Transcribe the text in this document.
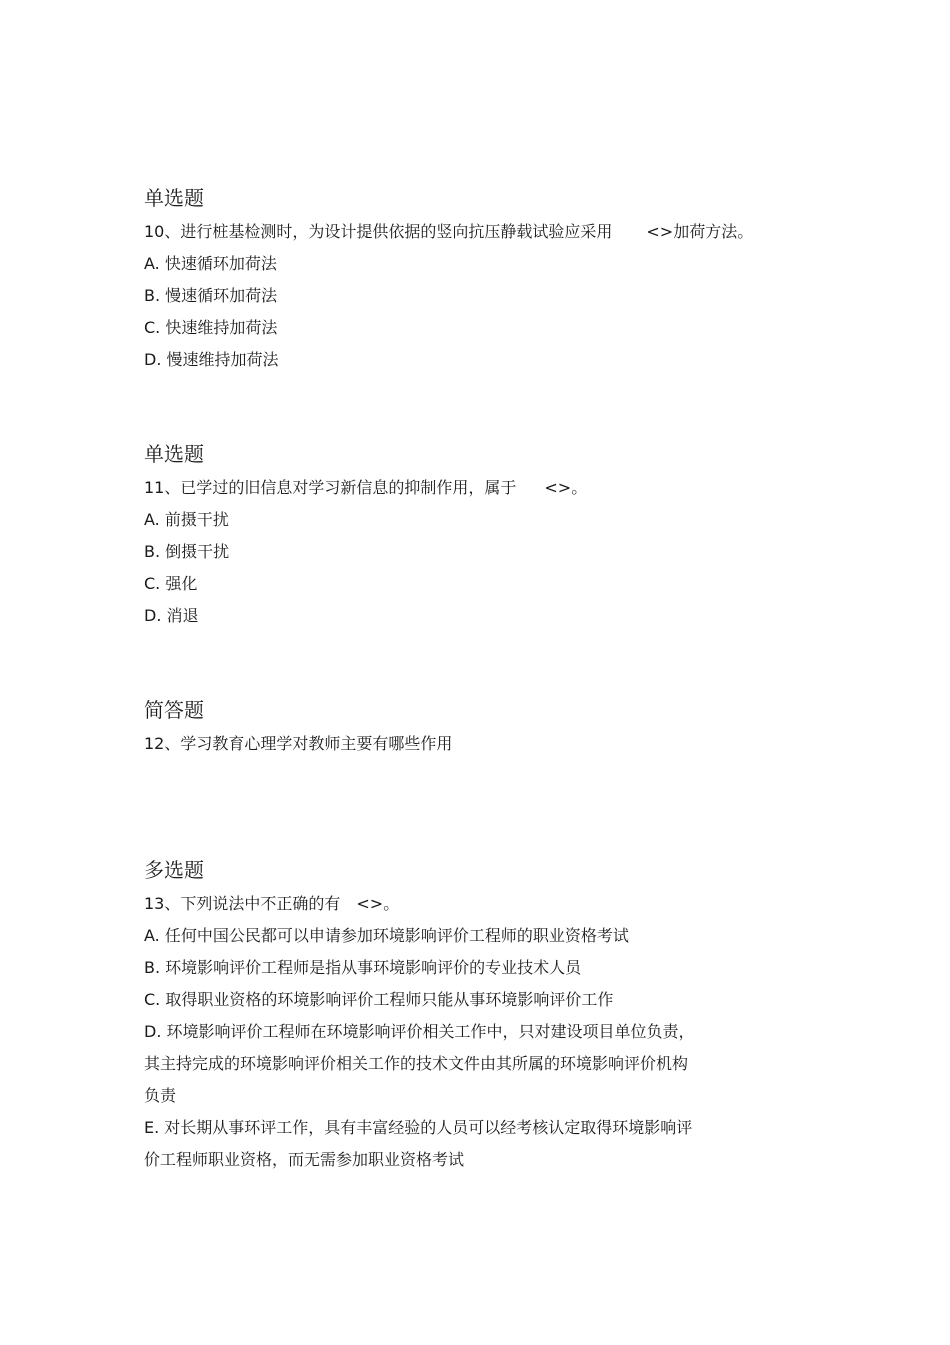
单选题
10、进行桩基检测时，为设计提供依据的竖向抗压静载试验应采用 <>加荷方法。
A. 快速循环加荷法
B. 慢速循环加荷法
C. 快速维持加荷法
D. 慢速维持加荷法
单选题
11、已学过的旧信息对学习新信息的抑制作用，属于 <>。
A. 前摄干扰
B. 倒摄干扰
C. 强化
D. 消退
简答题
12、学习教育心理学对教师主要有哪些作用
多选题
13、下列说法中不正确的有 <>。
A. 任何中国公民都可以申请参加环境影响评价工程师的职业资格考试
B. 环境影响评价工程师是指从事环境影响评价的专业技术人员
C. 取得职业资格的环境影响评价工程师只能从事环境影响评价工作
D. 环境影响评价工程师在环境影响评价相关工作中，只对建设项目单位负责，
其主持完成的环境影响评价相关工作的技术文件由其所属的环境影响评价机构
负责
E. 对长期从事环评工作，具有丰富经验的人员可以经考核认定取得环境影响评
价工程师职业资格，而无需参加职业资格考试
